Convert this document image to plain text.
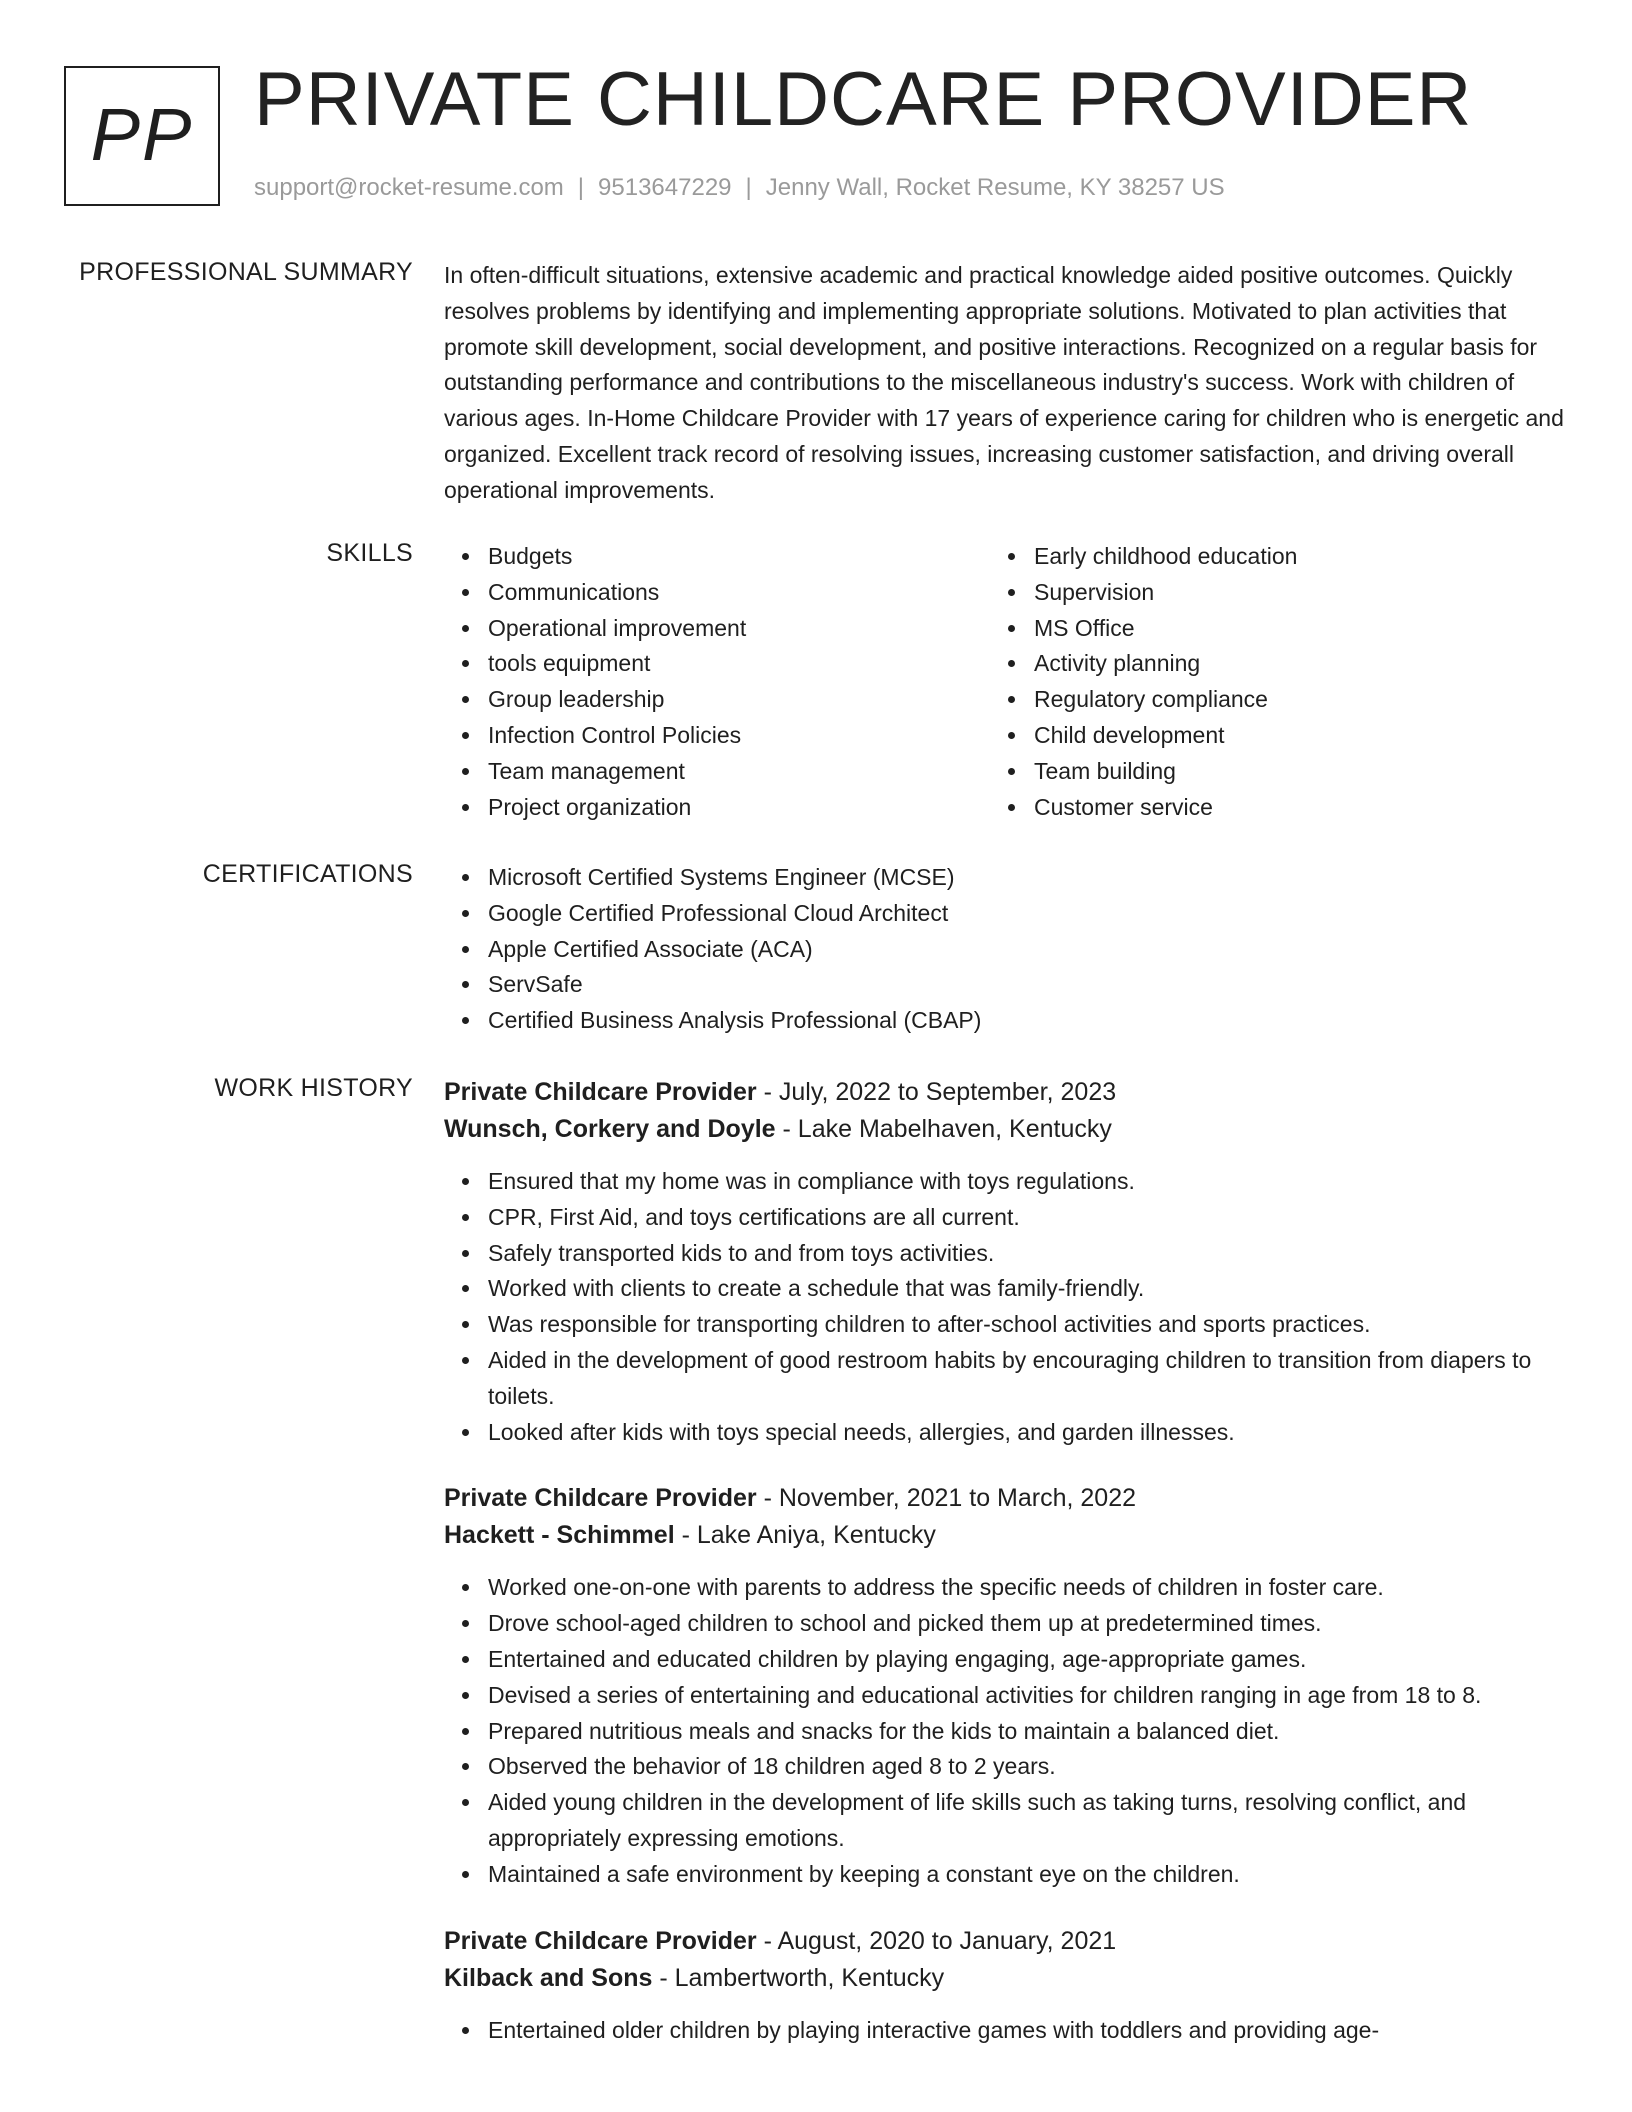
PP PRIVATE CHILDCARE PROVIDER
support@rocket-resume.com | 9513647229 | Jenny Wall, Rocket Resume, KY 38257 US
PROFESSIONAL SUMMARY In often-difficult situations, extensive academic and practical knowledge aided positive outcomes. Quickly resolves problems by identifying and implementing appropriate solutions. Motivated to plan activities that promote skill development, social development, and positive interactions. Recognized on a regular basis for outstanding performance and contributions to the miscellaneous industry's success. Work with children of various ages. In-Home Childcare Provider with 17 years of experience caring for children who is energetic and organized. Excellent track record of resolving issues, increasing customer satisfaction, and driving overall operational improvements.

SKILLS	Budgets
Communications
Operational improvement
tools equipment
Group leadership
Infection Control Policies
Team management
Project organization
Early childhood education
Supervision
MS Office
Activity planning
Regulatory compliance
Child development
Team building
Customer service
CERTIFICATIONS	Microsoft Certified Systems Engineer (MCSE)
Google Certified Professional Cloud Architect
Apple Certified Associate (ACA)
ServSafe
Certified Business Analysis Professional (CBAP)
WORK HISTORY Private Childcare Provider - July, 2022 to September, 2023
Wunsch, Corkery and Doyle - Lake Mabelhaven, Kentucky
Ensured that my home was in compliance with toys regulations.
CPR, First Aid, and toys certifications are all current.
Safely transported kids to and from toys activities.
Worked with clients to create a schedule that was family-friendly.
Was responsible for transporting children to after-school activities and sports practices.
Aided in the development of good restroom habits by encouraging children to transition from diapers to toilets.
Looked after kids with toys special needs, allergies, and garden illnesses.
Private Childcare Provider - November, 2021 to March, 2022
Hackett - Schimmel - Lake Aniya, Kentucky
Worked one-on-one with parents to address the specific needs of children in foster care.
Drove school-aged children to school and picked them up at predetermined times.
Entertained and educated children by playing engaging, age-appropriate games.
Devised a series of entertaining and educational activities for children ranging in age from 18 to 8.
Prepared nutritious meals and snacks for the kids to maintain a balanced diet.
Observed the behavior of 18 children aged 8 to 2 years.
Aided young children in the development of life skills such as taking turns, resolving conflict, and appropriately expressing emotions.
Maintained a safe environment by keeping a constant eye on the children.
Private Childcare Provider - August, 2020 to January, 2021
Kilback and Sons - Lambertworth, Kentucky
Entertained older children by playing interactive games with toddlers and providing age-
